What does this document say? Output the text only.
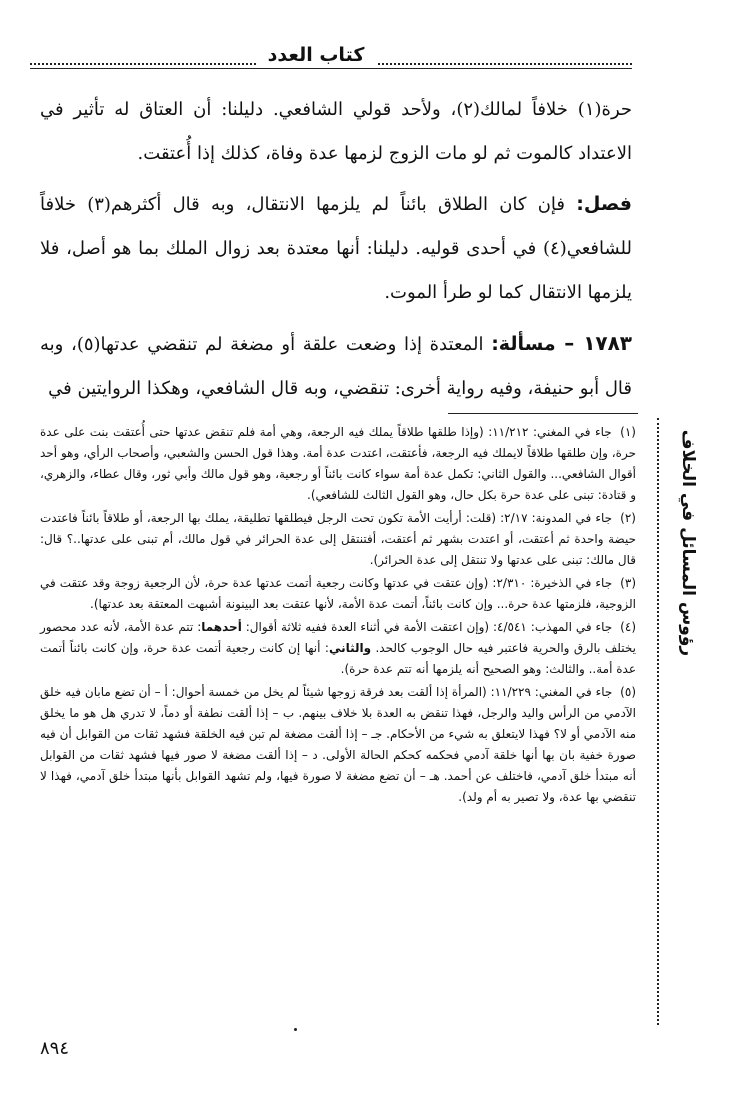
كتاب العدد
رؤوس المسائل في الخلاف

حرة(١) خلافاً لمالك(٢)، ولأحد قولي الشافعي. دليلنا: أن العتاق له تأثير في الاعتداد كالموت ثم لو مات الزوج لزمها عدة وفاة، كذلك إذا أُعتقت.

فصل: فإن كان الطلاق بائناً لم يلزمها الانتقال، وبه قال أكثرهم(٣) خلافاً للشافعي(٤) في أحدى قوليه. دليلنا: أنها معتدة بعد زوال الملك بما هو أصل، فلا يلزمها الانتقال كما لو طرأ الموت.

١٧٨٣ – مسألة: المعتدة إذا وضعت علقة أو مضغة لم تنقضي عدتها(٥)، وبه قال أبو حنيفة، وفيه رواية أخرى: تنقضي، وبه قال الشافعي، وهكذا الروايتين في

(١) جاء في المغني: ١١/٢١٢: (وإذا طلقها طلاقاً يملك فيه الرجعة، وهي أمة فلم تنقض عدتها حتى أُعتقت بنت على عدة حرة، وإن طلقها طلاقاً لايملك فيه الرجعة، فأعتقت، اعتدت عدة أمة. وهذا قول الحسن والشعبي، وأصحاب الرأي، وهو أحد أقوال الشافعي... والقول الثاني: تكمل عدة أمة سواء كانت بائناً أو رجعية، وهو قول مالك وأبي ثور، وقال عطاء، والزهري، و قتادة: تبنى على عدة حرة بكل حال، وهو القول الثالث للشافعي).

(٢) جاء في المدونة: ٢/١٧: (قلت: أرأيت الأمة تكون تحت الرجل فيطلقها تطليقة، يملك بها الرجعة، أو طلاقاً بائناً فاعتدت حيضة واحدة ثم أعتقت، أو اعتدت بشهر ثم أعتقت، أفتنتقل إلى عدة الحرائر في قول مالك، أم تبنى على عدتها..؟ قال: قال مالك: تبنى على عدتها ولا تنتقل إلى عدة الحرائر).

(٣) جاء في الذخيرة: ٢/٣١٠: (وإن عتقت في عدتها وكانت رجعية أتمت عدتها عدة حرة، لأن الرجعية زوجة وقد عتقت في الزوجية، فلزمتها عدة حرة... وإن كانت بائناً، أتمت عدة الأمة، لأنها عتقت بعد البينونة أشبهت المعتقة بعد عدتها).

(٤) جاء في المهذب: ٤/٥٤١: (وإن اعتقت الأمة في أثناء العدة ففيه ثلاثة أقوال: أحدهما: تتم عدة الأمة، لأنه عدد محصور يختلف بالرق والحرية فاعتبر فيه حال الوجوب كالحد. والثاني: أنها إن كانت رجعية أتمت عدة حرة، وإن كانت بائناً أتمت عدة أمة.. والثالث: وهو الصحيح أنه يلزمها أنه تتم عدة حرة).

(٥) جاء في المغني: ١١/٢٢٩: (المرأة إذا ألقت بعد فرقة زوجها شيئاً لم يخل من خمسة أحوال: أ – أن تضع مابان فيه خلق الآدمي من الرأس واليد والرجل، فهذا تنقض به العدة بلا خلاف بينهم. ب – إذا ألقت نطفة أو دماً، لا تدري هل هو ما يخلق منه الآدمي أو لا؟ فهذا لايتعلق به شيء من الأحكام. جـ – إذا ألقت مضغة لم تبن فيه الخلقة فشهد ثقات من القوابل أن فيه صورة خفية بان بها أنها خلقة آدمي فحكمه كحكم الحالة الأولى. د – إذا ألقت مضغة لا صور فيها فشهد ثقات من القوابل أنه مبتدأ خلق آدمي، فاختلف عن أحمد. هـ – أن تضع مضغة لا صورة فيها، ولم تشهد القوابل بأنها مبتدأ خلق آدمي، فهذا لا تنقضي بها عدة، ولا تصير به أم ولد).

٨٩٤
